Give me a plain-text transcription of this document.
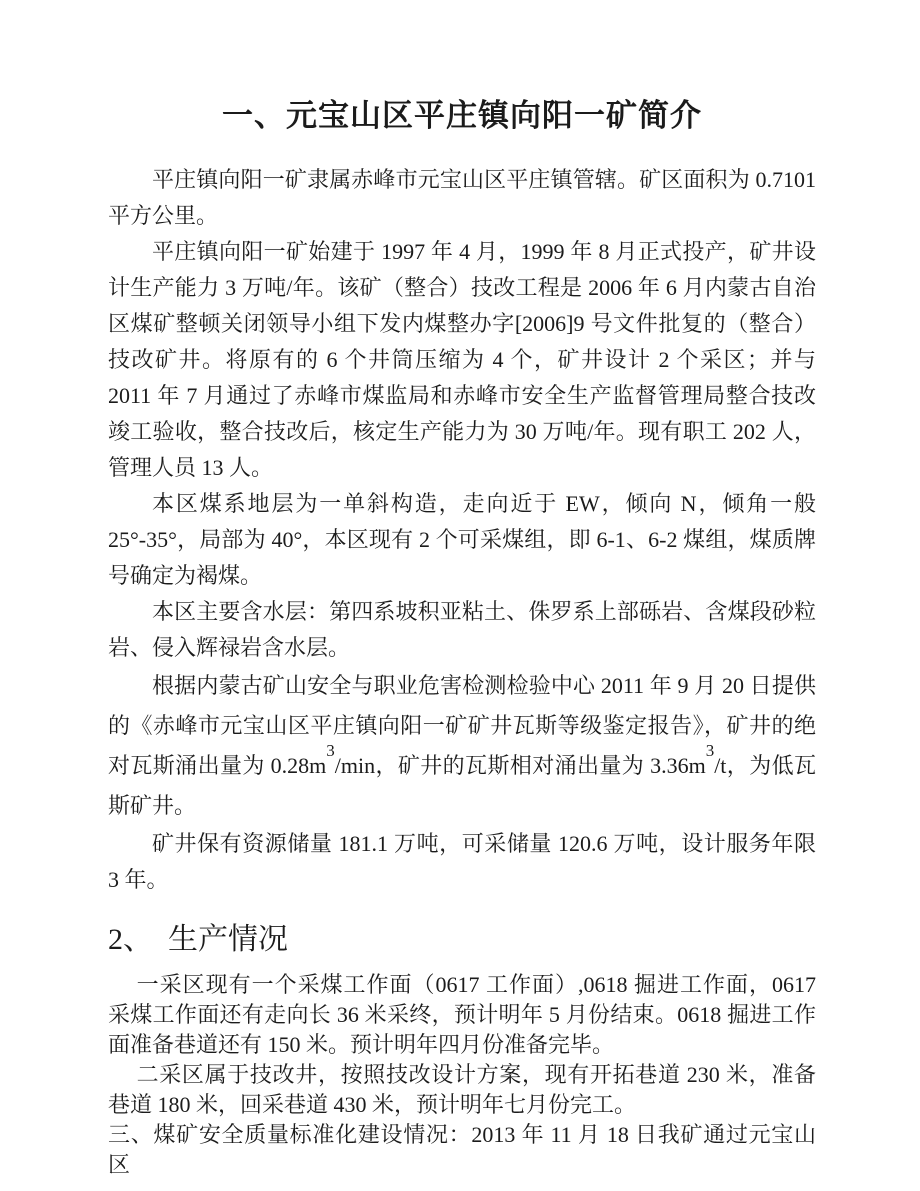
一、元宝山区平庄镇向阳一矿简介

平庄镇向阳一矿隶属赤峰市元宝山区平庄镇管辖。矿区面积为 0.7101 平方公里。

平庄镇向阳一矿始建于 1997 年 4 月，1999 年 8 月正式投产，矿井设计生产能力 3 万吨/年。该矿（整合）技改工程是 2006 年 6 月内蒙古自治区煤矿整顿关闭领导小组下发内煤整办字[2006]9 号文件批复的（整合）技改矿井。将原有的 6 个井筒压缩为 4 个，矿井设计 2 个采区；并与 2011 年 7 月通过了赤峰市煤监局和赤峰市安全生产监督管理局整合技改竣工验收，整合技改后，核定生产能力为 30 万吨/年。现有职工 202 人，管理人员 13 人。

本区煤系地层为一单斜构造，走向近于 EW，倾向 N，倾角一般 25°-35°，局部为 40°，本区现有 2 个可采煤组，即 6-1、6-2 煤组，煤质牌号确定为褐煤。

本区主要含水层：第四系坡积亚粘土、侏罗系上部砾岩、含煤段砂粒岩、侵入辉禄岩含水层。

根据内蒙古矿山安全与职业危害检测检验中心 2011 年 9 月 20 日提供的《赤峰市元宝山区平庄镇向阳一矿矿井瓦斯等级鉴定报告》，矿井的绝对瓦斯涌出量为 $0.28m^3/\min$，矿井的瓦斯相对涌出量为 $3.36m^3/t$，为低瓦斯矿井。

矿井保有资源储量 181.1 万吨，可采储量 120.6 万吨，设计服务年限 3 年。

2、　生产情况

一采区现有一个采煤工作面（0617 工作面）,0618 掘进工作面，0617 采煤工作面还有走向长 36 米采终，预计明年 5 月份结束。0618 掘进工作面准备巷道还有 150 米。预计明年四月份准备完毕。

二采区属于技改井，按照技改设计方案，现有开拓巷道 230 米，准备巷道 180 米，回采巷道 430 米，预计明年七月份完工。

三、煤矿安全质量标准化建设情况：2013 年 11 月 18 日我矿通过元宝山区
